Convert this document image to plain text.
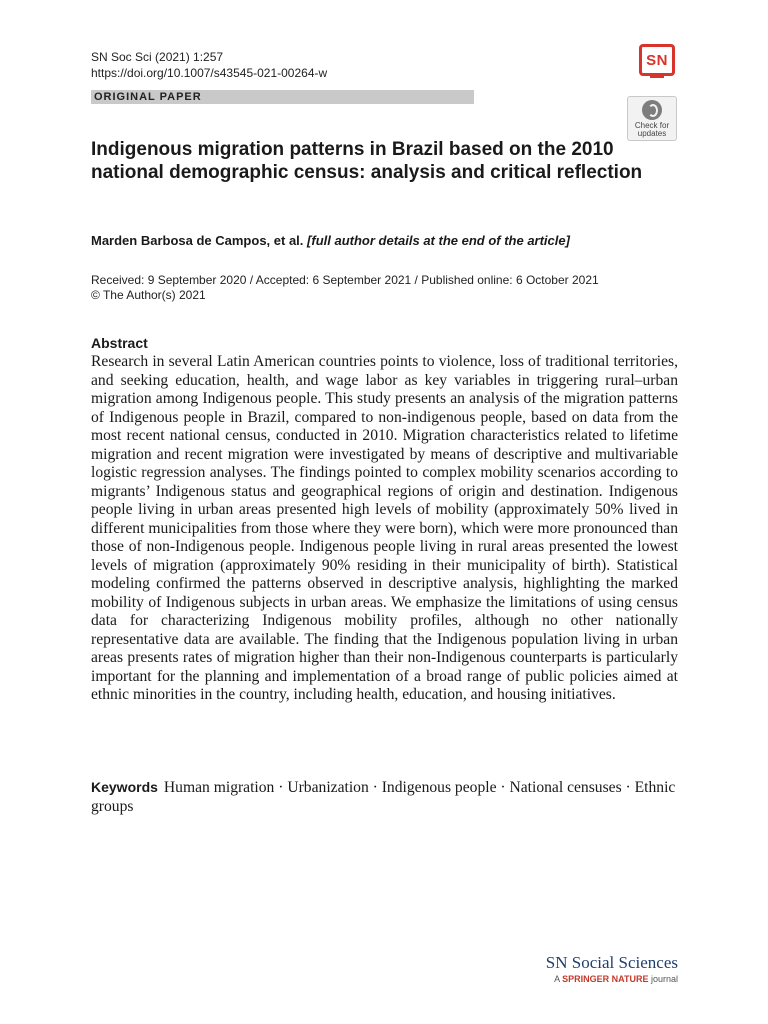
SN Soc Sci (2021) 1:257
https://doi.org/10.1007/s43545-021-00264-w
SN
ORIGINAL PAPER
Check for updates
Indigenous migration patterns in Brazil based on the 2010 national demographic census: analysis and critical reflection
Marden Barbosa de Campos, et al. [full author details at the end of the article]
Received: 9 September 2020 / Accepted: 6 September 2021 / Published online: 6 October 2021
© The Author(s) 2021
Abstract

Research in several Latin American countries points to violence, loss of traditional territories, and seeking education, health, and wage labor as key variables in triggering rural–urban migration among Indigenous people. This study presents an analysis of the migration patterns of Indigenous people in Brazil, compared to non-indigenous people, based on data from the most recent national census, conducted in 2010. Migration characteristics related to lifetime migration and recent migration were investigated by means of descriptive and multivariable logistic regression analyses. The findings pointed to complex mobility scenarios according to migrants’ Indigenous status and geographical regions of origin and destination. Indigenous people living in urban areas presented high levels of mobility (approximately 50% lived in different municipalities from those where they were born), which were more pronounced than those of non-Indigenous people. Indigenous people living in rural areas presented the lowest levels of migration (approximately 90% residing in their municipality of birth). Statistical modeling confirmed the patterns observed in descriptive analysis, highlighting the marked mobility of Indigenous subjects in urban areas. We emphasize the limitations of using census data for characterizing Indigenous mobility profiles, although no other nationally representative data are available. The finding that the Indigenous population living in urban areas presents rates of migration higher than their non-Indigenous counterparts is particularly important for the planning and implementation of a broad range of public policies aimed at ethnic minorities in the country, including health, education, and housing initiatives.

Keywords Human migration · Urbanization · Indigenous people · National censuses · Ethnic groups
SN Social Sciences
A SPRINGER NATURE journal
